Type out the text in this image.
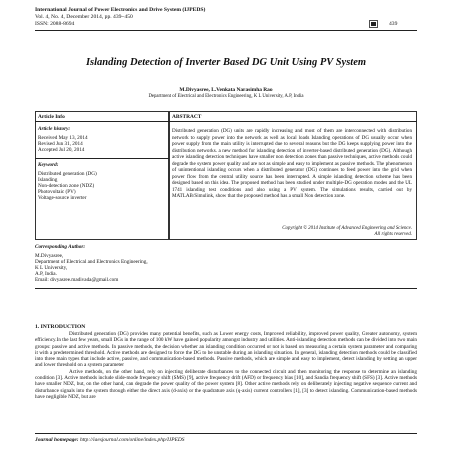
International Journal of Power Electronics and Drive System (IJPEDS)
Vol. 4, No. 4, December 2014, pp. 439~450
ISSN: 2088-8694	439
Islanding Detection of Inverter Based DG Unit Using PV System
M.Divyasree, L.Venkata Narasimha Rao
Department of Electrical and Electronics Engineering, K L University, A.P, India
Article Info
Article history:
Received May 13, 2014
Revised Jun 31, 2014
Accepted Jul 20, 2014
Keyword:
Distributed generation (DG)
Islanding
Non-detection zone (NDZ)
Photovoltaic (PV)
Voltage-source inverter
ABSTRACT
Distributed generation (DG) units are rapidly increasing and most of them are interconnected with distribution network to supply power into the network as well as local loads Islanding operations of DG usually occur when power supply from the main utility is interrupted due to several reasons but the DG keeps supplying power into the distribution networks. a new method for islanding detection of inverter-based distributed generation (DG). Although active islanding detection techniques have smaller non detection zones than passive techniques, active methods could degrade the system power quality and are not as simple and easy to implement as passive methods. The phenomenon of unintentional islanding occurs when a distributed generator (DG) continues to feed power into the grid when power flow from the central utility source has been interrupted. A simple islanding detection scheme has been designed based on this idea. The proposed method has been studied under multiple-DG operation modes and the UL 1741 islanding test conditions and also using a PV system. The simulations results, carried out by MATLAB/Simulink, show that the proposed method has a small Non detection zone.
Copyright © 2014 Institute of Advanced Engineering and Science.
All rights reserved.
Corresponding Author:
M.Divyasree,
Department of Electrical and Electronics Engineering,
K L University,
A.P, India.
Email: divyasree.madivada@gmail.com
1. INTRODUCTION

Distributed generation (DG) provides many potential benefits, such as Lower energy costs, Improved reliability, improved power quality, Greater autonomy, system efficiency.In the last few years, small DGs in the range of 100 kW have gained popularity amongst industry and utilities. Anti-islanding detection methods can be divided into two main groups: passive and active methods. In passive methods, the decision whether an islanding condition occurred or not is based on measuring a certain system parameter and comparing it with a predetermined threshold. Active methods are designed to force the DG to be unstable during an islanding situation. In general, islanding detection methods could be classified into three main types that include active, passive, and communication-based methods. Passive methods, which are simple and easy to implement, detect islanding by setting an upper and lower threshold on a system parameter

Active methods, on the other hand, rely on injecting deliberate disturbances to the connected circuit and then monitoring the response to determine an islanding condition [3]. Active methods include slide-mode frequency shift (SMS) [9], active frequency drift (AFD) or frequency bias [10], and Sandia frequency shift (SFS) [3]. Active methods have smaller NDZ, but, on the other hand, can degrade the power quality of the power system [8]. Other active methods rely on deliberately injecting negative sequence current and disturbance signals into the system through either the direct axis (d-axis) or the quadrature axis (q-axis) current controllers [1], [3] to detect islanding. Communication-based methods have negligible NDZ, but are

Journal homepage: http://iaesjournal.com/online/index.php/IJPEDS
